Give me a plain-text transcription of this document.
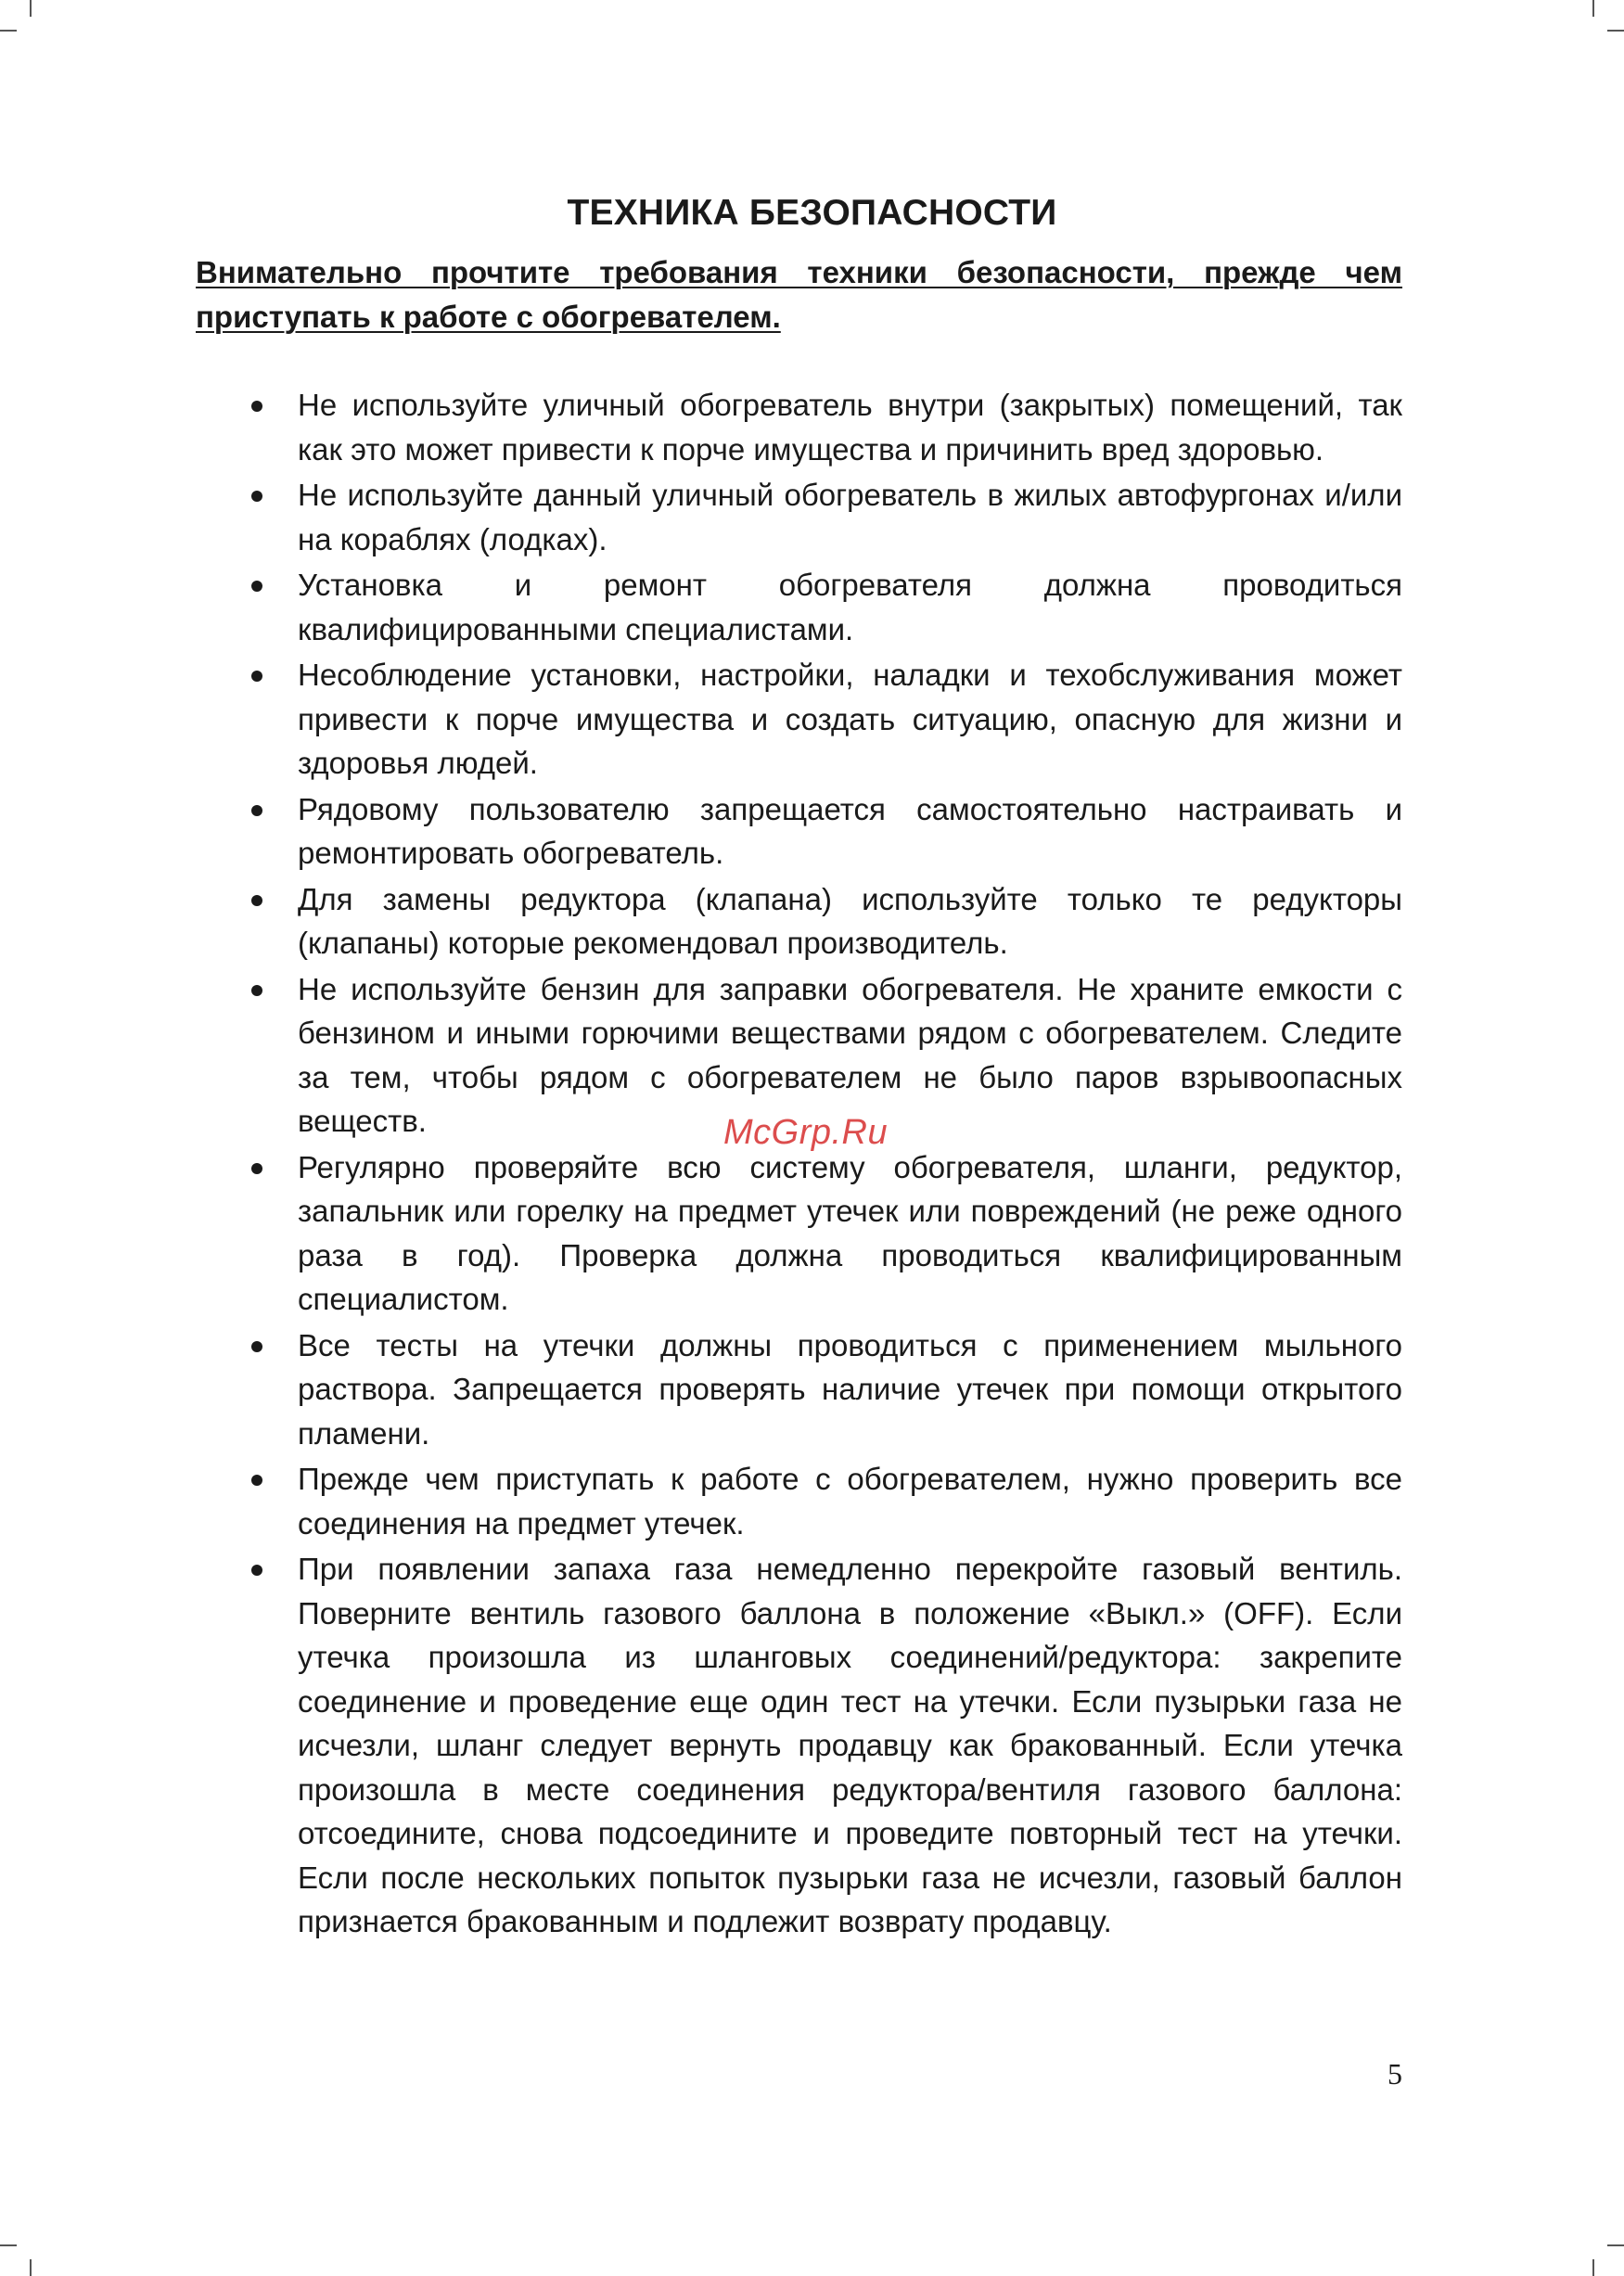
ТЕХНИКА БЕЗОПАСНОСТИ
Внимательно прочтите требования техники безопасности, прежде чем приступать к работе с обогревателем.
Не используйте уличный обогреватель внутри (закрытых) помещений, так как это может привести к порче имущества и причинить вред здоровью.
Не используйте данный уличный обогреватель в жилых автофургонах и/или на кораблях (лодках).
Установка и ремонт обогревателя должна проводиться квалифицированными специалистами.
Несоблюдение установки, настройки, наладки и техобслуживания может привести к порче имущества и создать ситуацию, опасную для жизни и здоровья людей.
Рядовому пользователю запрещается самостоятельно настраивать и ремонтировать обогреватель.
Для замены редуктора (клапана) используйте только те редукторы (клапаны) которые рекомендовал производитель.
Не используйте бензин для заправки обогревателя. Не храните емкости с бензином и иными горючими веществами рядом с обогревателем. Следите за тем, чтобы рядом с обогревателем не было паров взрывоопасных веществ.
Регулярно проверяйте всю систему обогревателя, шланги, редуктор, запальник или горелку на предмет утечек или повреждений (не реже одного раза в год). Проверка должна проводиться квалифицированным специалистом.
Все тесты на утечки должны проводиться с применением мыльного раствора. Запрещается проверять наличие утечек при помощи открытого пламени.
Прежде чем приступать к работе с обогревателем, нужно проверить все соединения на предмет утечек.
При появлении запаха газа немедленно перекройте газовый вентиль. Поверните вентиль газового баллона в положение «Выкл.» (OFF). Если утечка произошла из шланговых соединений/редуктора: закрепите соединение и проведение еще один тест на утечки. Если пузырьки газа не исчезли, шланг следует вернуть продавцу как бракованный. Если утечка произошла в месте соединения редуктора/вентиля газового баллона: отсоедините, снова подсоедините и проведите повторный тест на утечки. Если после нескольких попыток пузырьки газа не исчезли, газовый баллон признается бракованным и подлежит возврату продавцу.
McGrp.Ru
5
